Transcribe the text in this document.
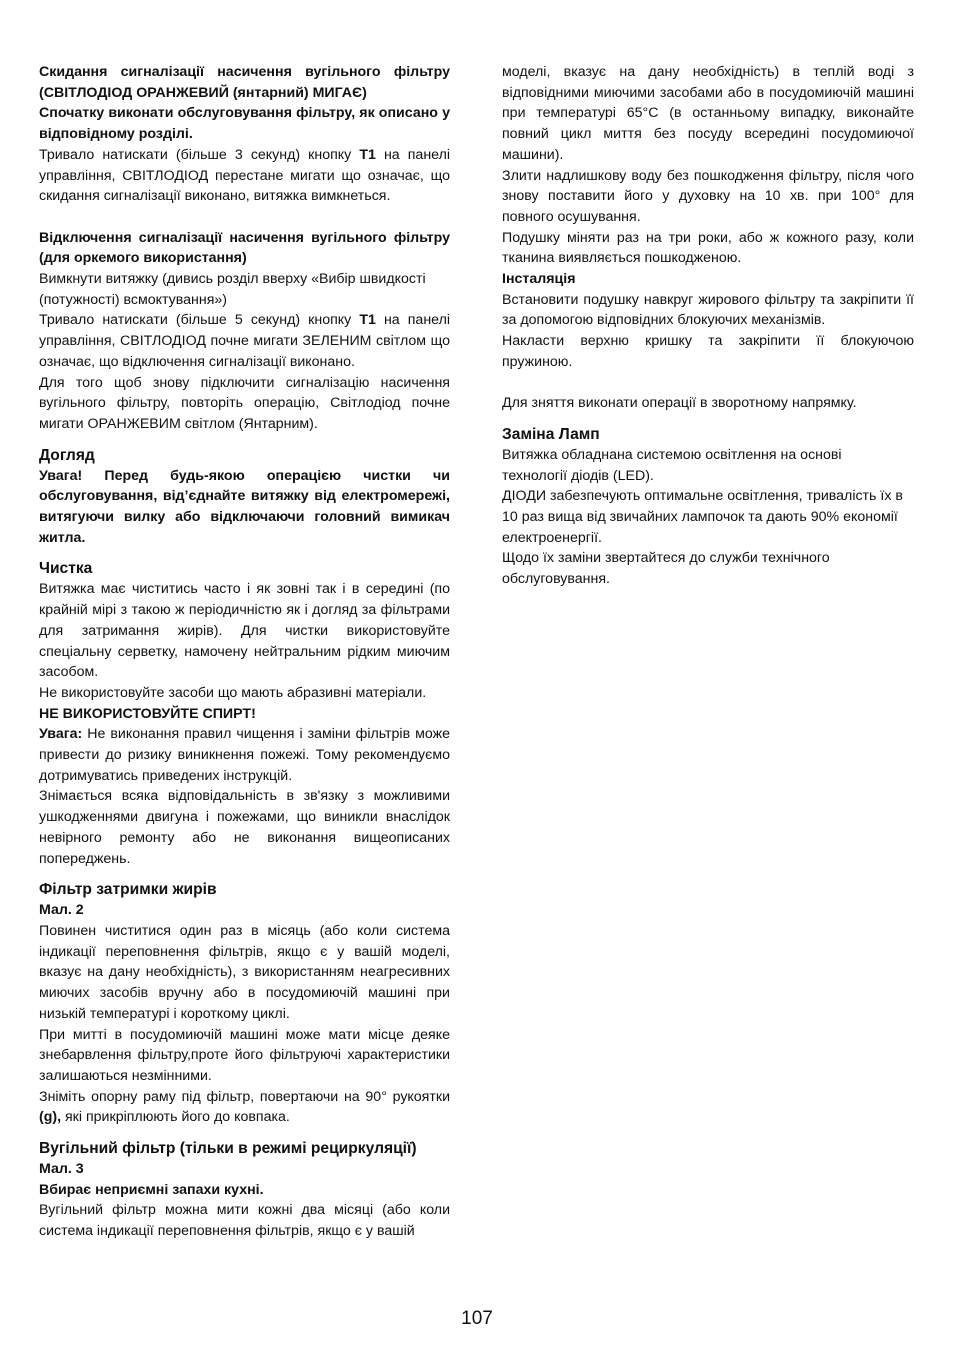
Скидання сигналізації насичення вугільного фільтру (СВІТЛОДІОД ОРАНЖЕВИЙ (янтарний) МИГАЄ)

Спочатку виконати обслуговування фільтру, як описано у відповідному розділі.

Тривало натискати (більше 3 секунд) кнопку T1 на панелі управління, СВІТЛОДІОД перестане мигати що означає, що скидання сигналізації виконано, витяжка вимкнеться.

Відключення сигналізації насичення вугільного фільтру (для оркемого використання)

Вимкнути витяжку (дивись розділ вверху «Вибір швидкості (потужності) всмоктування»)

Тривало натискати (більше 5 секунд) кнопку T1 на панелі управління, СВІТЛОДІОД почне мигати ЗЕЛЕНИМ світлом що означає, що відключення сигналізації виконано.

Для того щоб знову підключити сигналізацію насичення вугільного фільтру, повторіть операцію, Світлодіод почне мигати ОРАНЖЕВИМ світлом (Янтарним).

Догляд

Увага! Перед будь-якою операцією чистки чи обслуговування, від’єднайте витяжку від електромережі, витягуючи вилку або відключаючи головний вимикач житла.

Чистка

Витяжка має чиститись часто і як зовні так і в середині (по крайній мірі з такою ж періодичністю як і догляд за фільтрами для затримання жирів). Для чистки використовуйте спеціальну серветку, намочену нейтральним рідким миючим засобом.

Не використовуйте засоби що мають абразивні матеріали.

НЕ ВИКОРИСТОВУЙТЕ СПИРТ!

Увага: Не виконання правил чищення і заміни фільтрів може привести до ризику виникнення пожежі. Тому рекомендуємо дотримуватись приведених інструкцій.

Знімається всяка відповідальність в зв'язку з можливими ушкодженнями двигуна і пожежами, що виникли внаслідок невірного ремонту або не виконання вищеописаних попереджень.

Фільтр затримки жирів

Мал. 2

Повинен чиститися один раз в місяць (або коли система індикації переповнення фільтрів, якщо є у вашій моделі, вказує на дану необхідність), з використанням неагресивних миючих засобів вручну або в посудомиючій машині при низькій температурі і короткому циклі.

При митті в посудомиючій машині може мати місце деяке знебарвлення фільтру,проте його фільтруючі характеристики залишаються незмінними.

Зніміть опорну раму під фільтр, повертаючи на 90° рукоятки (g), які прикріплюють його до ковпака.

Вугільний фільтр (тільки в режимі рециркуляції)

Мал. 3

Вбирає неприємні запахи кухні.

Вугільний фільтр можна мити кожні два місяці (або коли система індикації переповнення фільтрів, якщо є у вашій

моделі, вказує на дану необхідність) в теплій воді з відповідними миючими засобами або в посудомиючій машині при температурі 65°C (в останньому випадку, виконайте повний цикл миття без посуду всередині посудомиючої машини).

Злити надлишкову воду без пошкодження фільтру, після чого знову поставити його у духовку на 10 хв. при 100° для повного осушування.

Подушку міняти раз на три роки, або ж кожного разу, коли тканина виявляється пошкодженою.

Інсталяція

Встановити подушку навкруг жирового фільтру та закріпити її за допомогою відповідних блокуючих механізмів.

Накласти верхню кришку та закріпити її блокуючою пружиною.

Для зняття виконати операції в зворотному напрямку.

Заміна Ламп

Витяжка обладнана системою освітлення на основі технології діодів (LED).

ДІОДИ забезпечують оптимальне освітлення, тривалість їх в 10 раз вища від звичайних лампочок та дають 90% економії електроенергії.

Щодо їх заміни звертайтеся до служби технічного обслуговування.

107
